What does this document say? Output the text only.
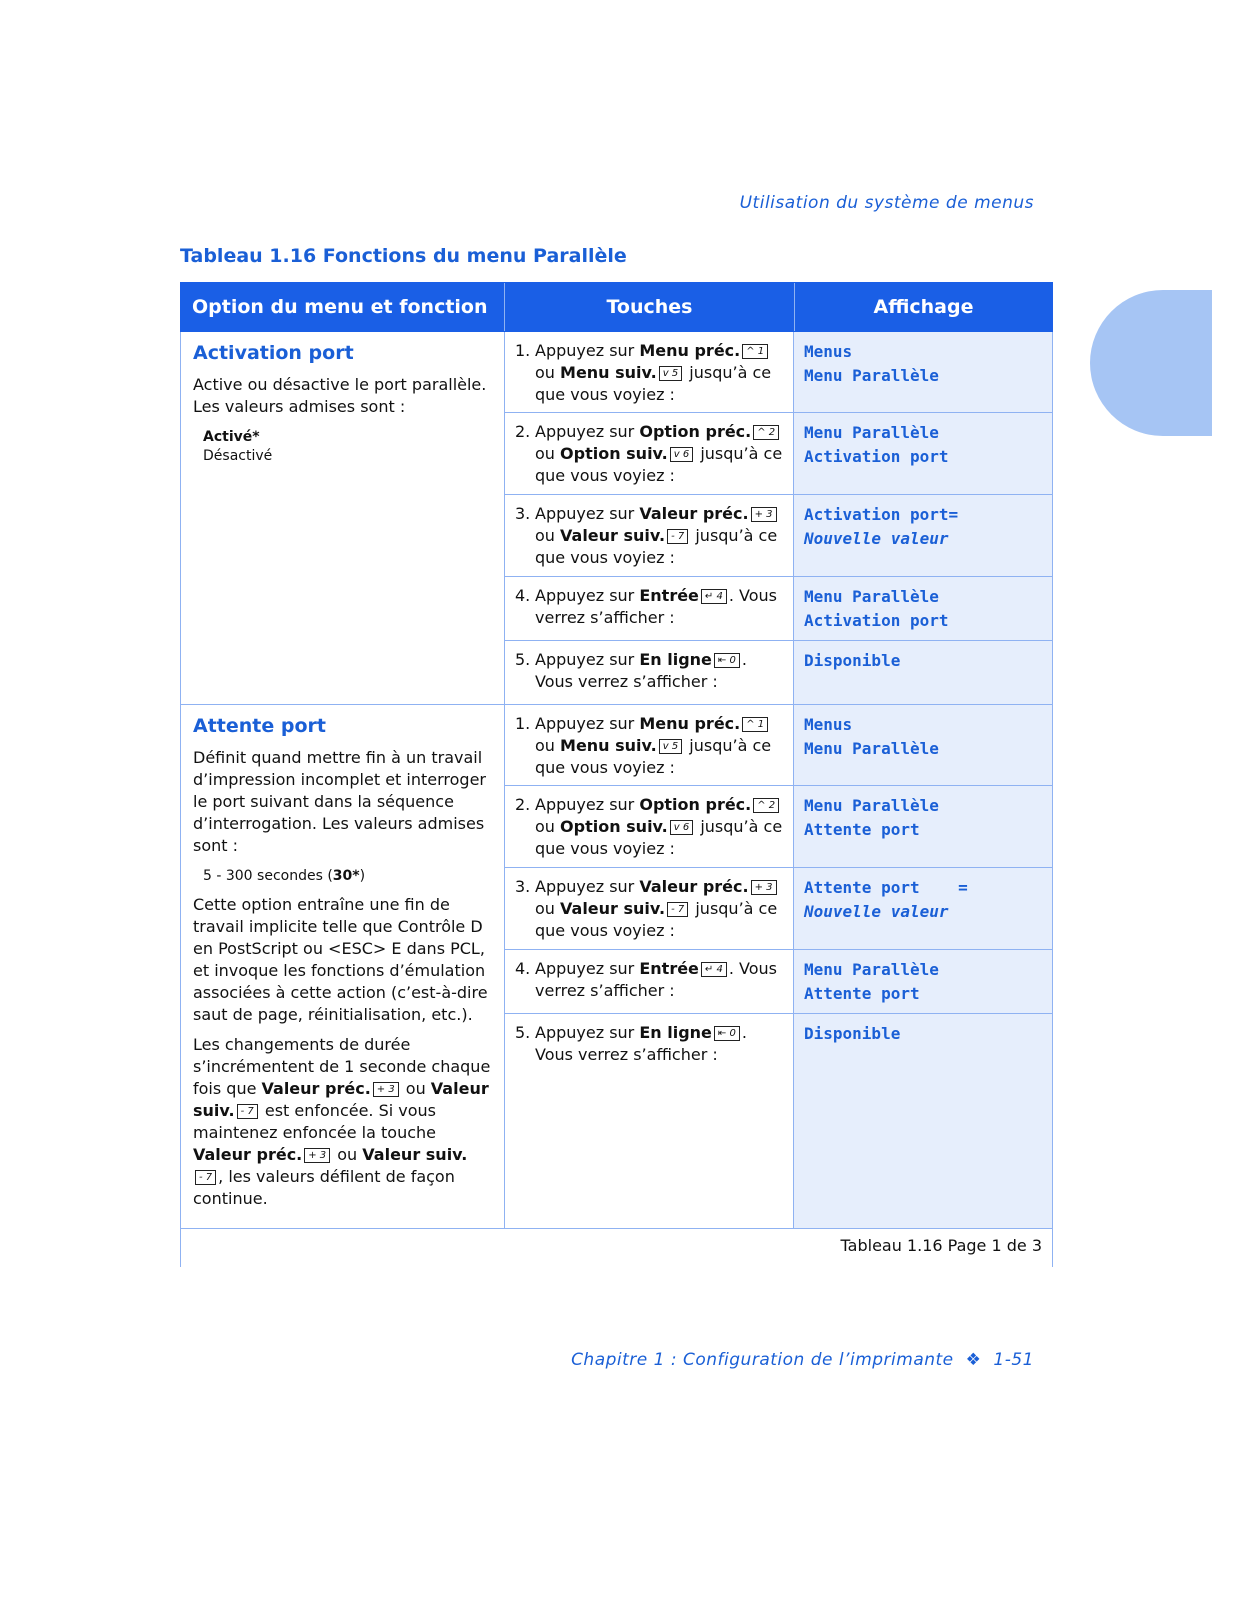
Utilisation du système de menus
Tableau 1.16 Fonctions du menu Parallèle
Option du menu et fonction	Touches	Affichage
Activation port

Active ou désactive le port parallèle. Les valeurs admises sont :

Activé*
Désactivé
1. Appuyez sur Menu préc. ^ 1 ou Menu suiv. v 5 jusqu’à ce que vous voyiez :
Menus
Menu Parallèle
2. Appuyez sur Option préc. ^ 2 ou Option suiv. v 6 jusqu’à ce que vous voyiez :
Menu Parallèle
Activation port
3. Appuyez sur Valeur préc. + 3 ou Valeur suiv. - 7 jusqu’à ce que vous voyiez :
Activation port=
Nouvelle valeur
4. Appuyez sur Entrée ↵ 4 . Vous verrez s’afficher :
Menu Parallèle
Activation port
5. Appuyez sur En ligne ⇤ 0 . Vous verrez s’afficher :
Disponible
Attente port

Définit quand mettre fin à un travail d’impression incomplet et interroger le port suivant dans la séquence d’interrogation. Les valeurs admises sont :

5 - 300 secondes (30*)

Cette option entraîne une fin de travail implicite telle que Contrôle D en PostScript ou <ESC> E dans PCL, et invoque les fonctions d’émulation associées à cette action (c’est-à-dire saut de page, réinitialisation, etc.).

Les changements de durée s’incrémentent de 1 seconde chaque fois que Valeur préc. + 3 ou Valeur suiv. - 7 est enfoncée. Si vous maintenez enfoncée la touche Valeur préc. + 3 ou Valeur suiv.- 7 , les valeurs défilent de façon continue.

1. Appuyez sur Menu préc. ^ 1 ou Menu suiv. v 5 jusqu’à ce que vous voyiez :
Menus
Menu Parallèle
2. Appuyez sur Option préc. ^ 2 ou Option suiv. v 6 jusqu’à ce que vous voyiez :
Menu Parallèle
Attente port
3. Appuyez sur Valeur préc. + 3 ou Valeur suiv. - 7 jusqu’à ce que vous voyiez :
Attente port    =
Nouvelle valeur
4. Appuyez sur Entrée ↵ 4 . Vous verrez s’afficher :
Menu Parallèle
Attente port
5. Appuyez sur En ligne ⇤ 0 . Vous verrez s’afficher :
Disponible
Tableau 1.16 Page 1 de 3
Chapitre 1 : Configuration de l’imprimante ❖ 1-51
